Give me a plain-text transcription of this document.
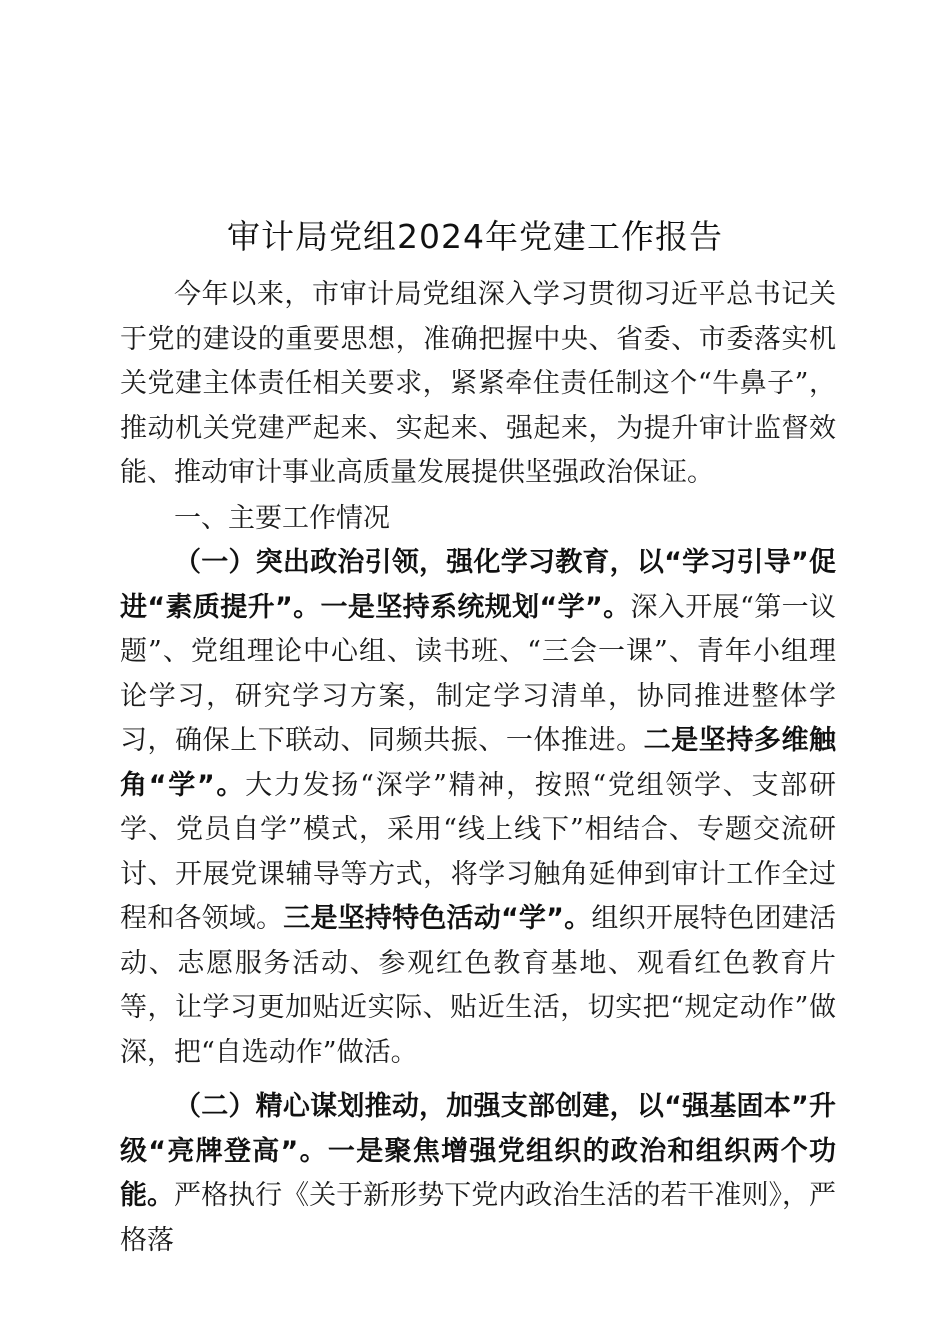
审计局党组2024年党建工作报告

今年以来，市审计局党组深入学习贯彻习近平总书记关于党的建设的重要思想，准确把握中央、省委、市委落实机关党建主体责任相关要求，紧紧牵住责任制这个“牛鼻子”，推动机关党建严起来、实起来、强起来，为提升审计监督效能、推动审计事业高质量发展提供坚强政治保证。

一、主要工作情况

（一）突出政治引领，强化学习教育，以“学习引导”促进“素质提升”。一是坚持系统规划“学”。深入开展“第一议题”、党组理论中心组、读书班、“三会一课”、青年小组理论学习，研究学习方案，制定学习清单，协同推进整体学习，确保上下联动、同频共振、一体推进。二是坚持多维触角“学”。大力发扬“深学”精神，按照“党组领学、支部研学、党员自学”模式，采用“线上线下”相结合、专题交流研讨、开展党课辅导等方式，将学习触角延伸到审计工作全过程和各领域。三是坚持特色活动“学”。组织开展特色团建活动、志愿服务活动、参观红色教育基地、观看红色教育片等，让学习更加贴近实际、贴近生活，切实把“规定动作”做深，把“自选动作”做活。

（二）精心谋划推动，加强支部创建，以“强基固本”升级“亮牌登高”。一是聚焦增强党组织的政治和组织两个功能。严格执行《关于新形势下党内政治生活的若干准则》，严格落
